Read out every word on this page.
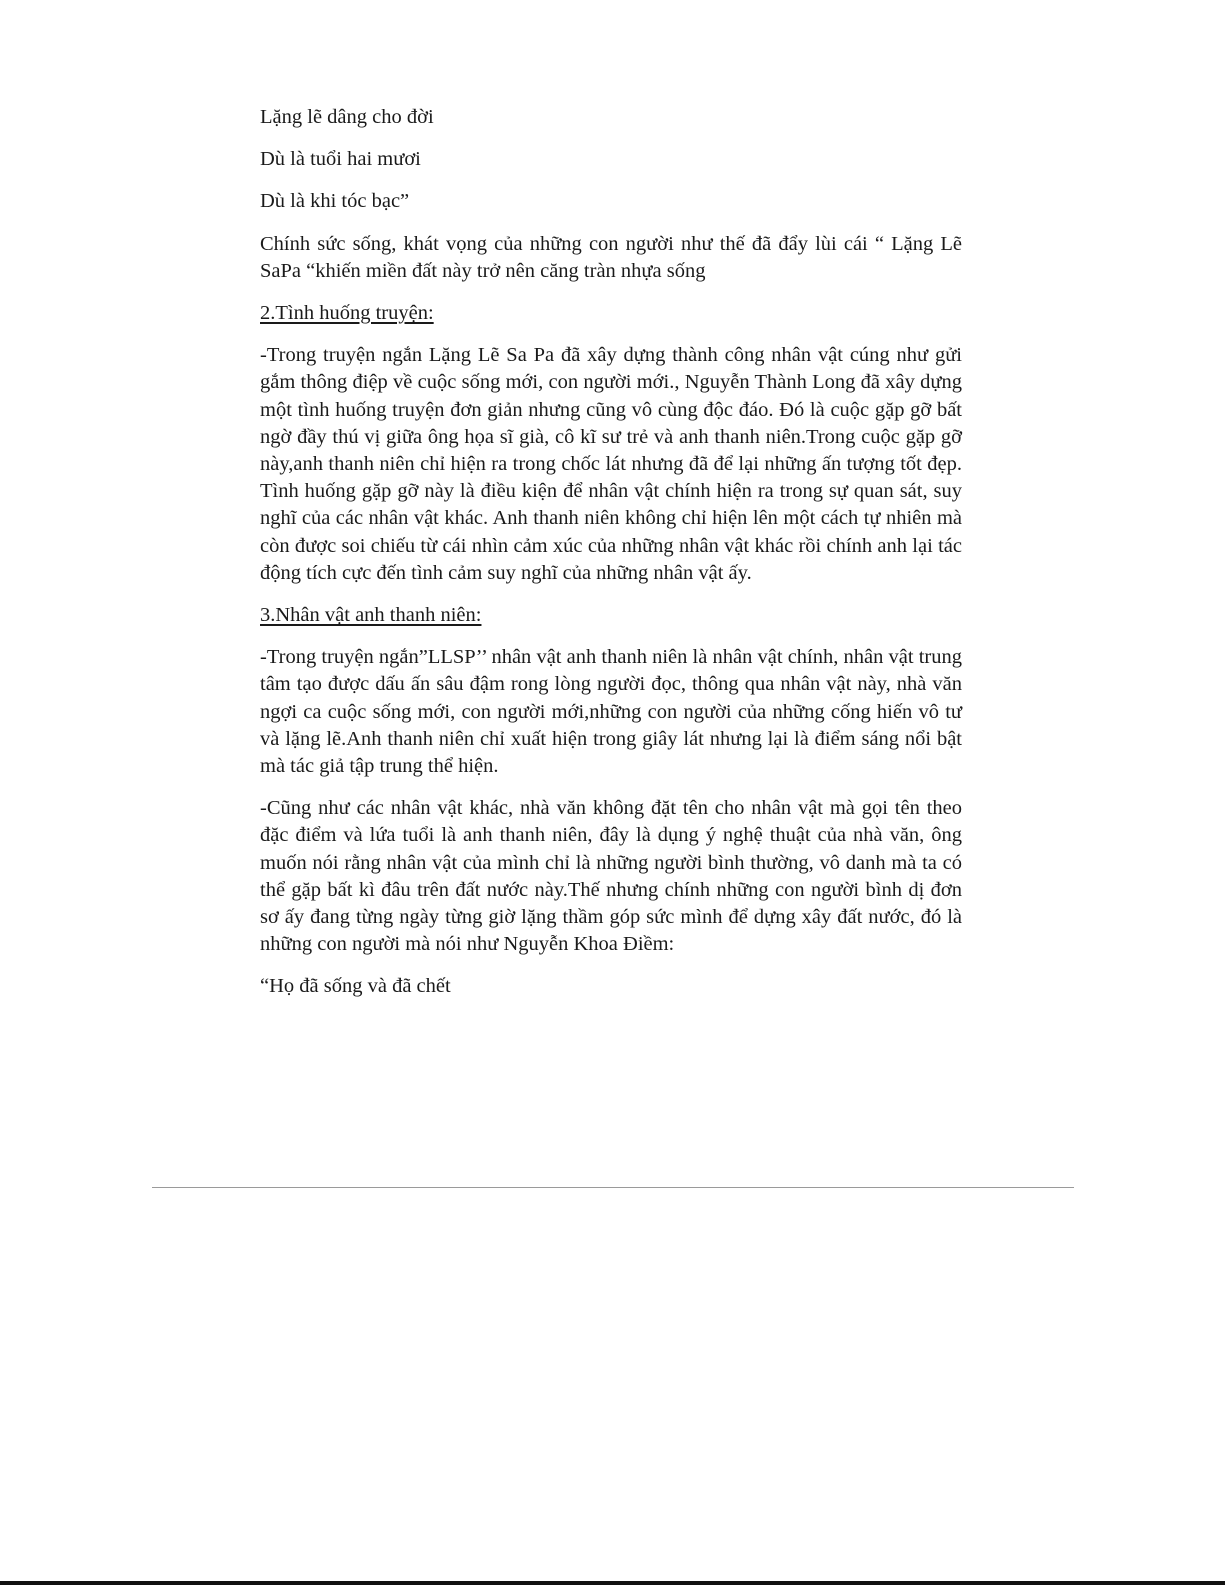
Lặng lẽ dâng cho đời

Dù là tuổi hai mươi

Dù là khi tóc bạc”

Chính sức sống, khát vọng của những con người như thế đã đẩy lùi cái “ Lặng Lẽ SaPa “khiến miền đất này trở nên căng tràn nhựa sống

2.Tình huống truyện:

-Trong truyện ngắn Lặng Lẽ Sa Pa đã xây dựng thành công nhân vật cúng như gửi gắm thông điệp về cuộc sống mới, con người mới., Nguyễn Thành Long đã xây dựng một tình huống truyện đơn giản nhưng cũng vô cùng độc đáo. Đó là cuộc gặp gỡ bất ngờ đầy thú vị giữa ông họa sĩ già, cô kĩ sư trẻ và anh thanh niên.Trong cuộc gặp gỡ này,anh thanh niên chỉ hiện ra trong chốc lát nhưng đã để lại những ấn tượng tốt đẹp. Tình huống gặp gỡ này là điều kiện để nhân vật chính hiện ra trong sự quan sát, suy nghĩ của các nhân vật khác. Anh thanh niên không chỉ hiện lên một cách tự nhiên mà còn được soi chiếu từ cái nhìn cảm xúc của những nhân vật khác rồi chính anh lại tác động tích cực đến tình cảm suy nghĩ của những nhân vật ấy.

3.Nhân vật anh thanh niên:

-Trong truyện ngắn”LLSP’’ nhân vật anh thanh niên là nhân vật chính, nhân vật trung tâm tạo được dấu ấn sâu đậm rong lòng người đọc, thông qua nhân vật này, nhà văn ngợi ca cuộc sống mới, con người mới,những con người của những cống hiến vô tư và lặng lẽ.Anh thanh niên chỉ xuất hiện trong giây lát nhưng lại là điểm sáng nổi bật mà tác giả tập trung thể hiện.

-Cũng như các nhân vật khác, nhà văn không đặt tên cho nhân vật mà gọi tên theo đặc điểm và lứa tuổi là anh thanh niên, đây là dụng ý nghệ thuật của nhà văn, ông muốn nói rằng nhân vật của mình chỉ là những người bình thường, vô danh mà ta có thể gặp bất kì đâu trên đất nước này.Thế nhưng chính những con người bình dị đơn sơ ấy đang từng ngày từng giờ lặng thầm góp sức mình để dựng xây đất nước, đó là những con người mà nói như Nguyễn Khoa Điềm:

“Họ đã sống và đã chết
